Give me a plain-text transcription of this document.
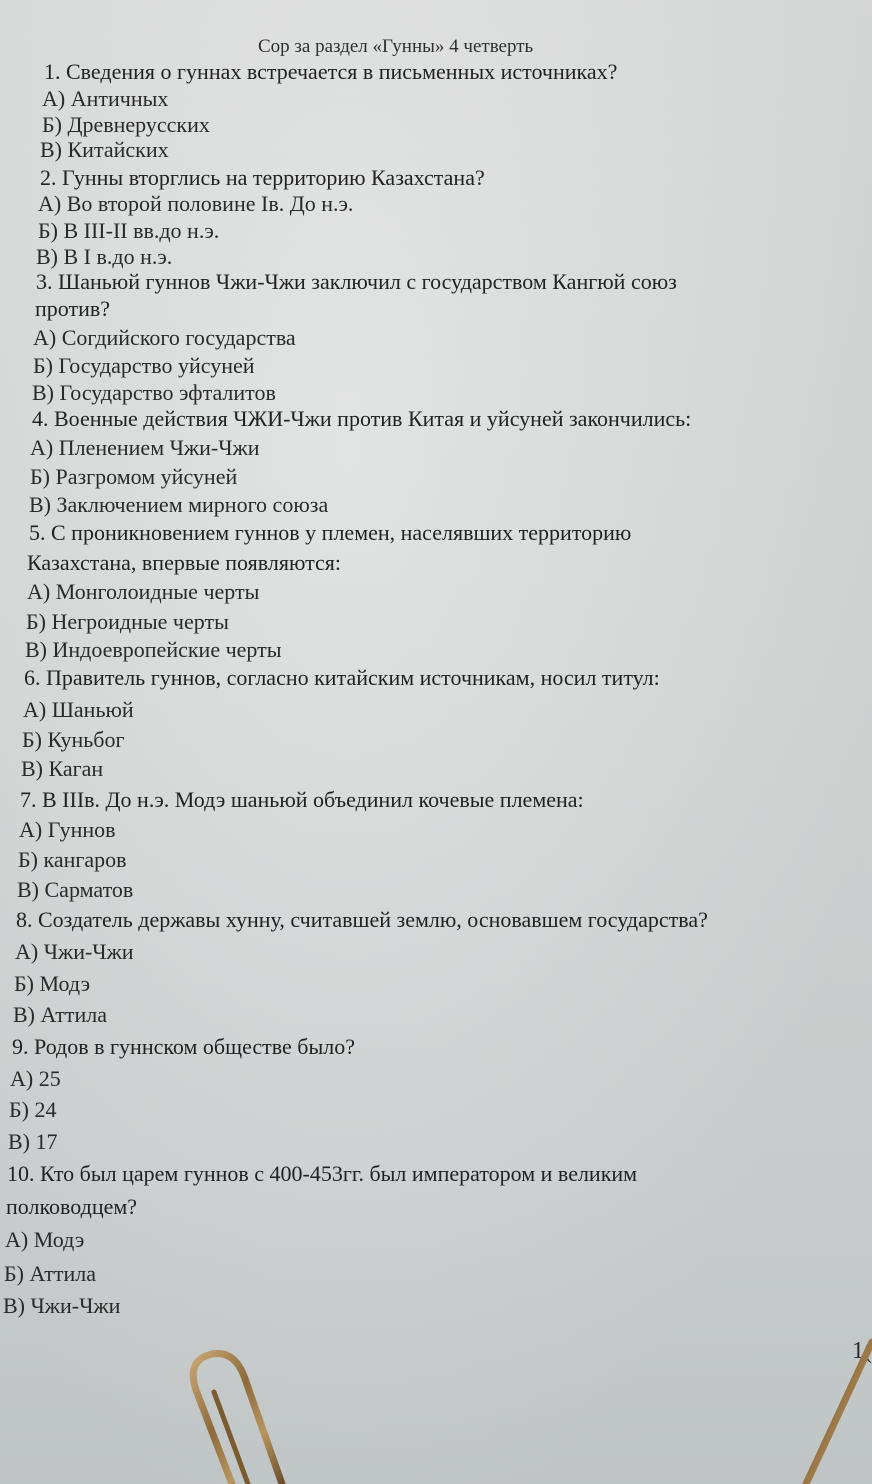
Сор за раздел «Гунны» 4 четверть
1. Сведения о гуннах встречается в письменных источниках?
А) Античных
Б) Древнерусских
В) Китайских
2. Гунны вторглись на территорию Казахстана?
А) Во второй половине Iв. До н.э.
Б) В III-II вв.до н.э.
В) В I в.до н.э.
3. Шаньюй гуннов Чжи-Чжи заключил с государством Кангюй союз
против?
А) Согдийского государства
Б) Государство уйсуней
В) Государство эфталитов
4. Военные действия ЧЖИ-Чжи против Китая и уйсуней закончились:
А) Пленением Чжи-Чжи
Б) Разгромом уйсуней
В) Заключением мирного союза
5. С проникновением гуннов у племен, населявших территорию
Казахстана, впервые появляются:
А) Монголоидные черты
Б) Негроидные черты
В) Индоевропейские черты
6. Правитель гуннов, согласно китайским источникам, носил титул:
А) Шаньюй
Б) Куньбог
В) Каган
7. В IIIв. До н.э. Модэ шаньюй объединил кочевые племена:
А) Гуннов
Б) кангаров
В) Сарматов
8. Создатель державы хунну, считавшей землю, основавшем государства?
А) Чжи-Чжи
Б) Модэ
В) Аттила
9. Родов в гуннском обществе было?
А) 25
Б) 24
В) 17
10. Кто был царем гуннов с 400-453гг. был императором и великим
полководцем?
А) Модэ
Б) Аттила
В) Чжи-Чжи
1(
